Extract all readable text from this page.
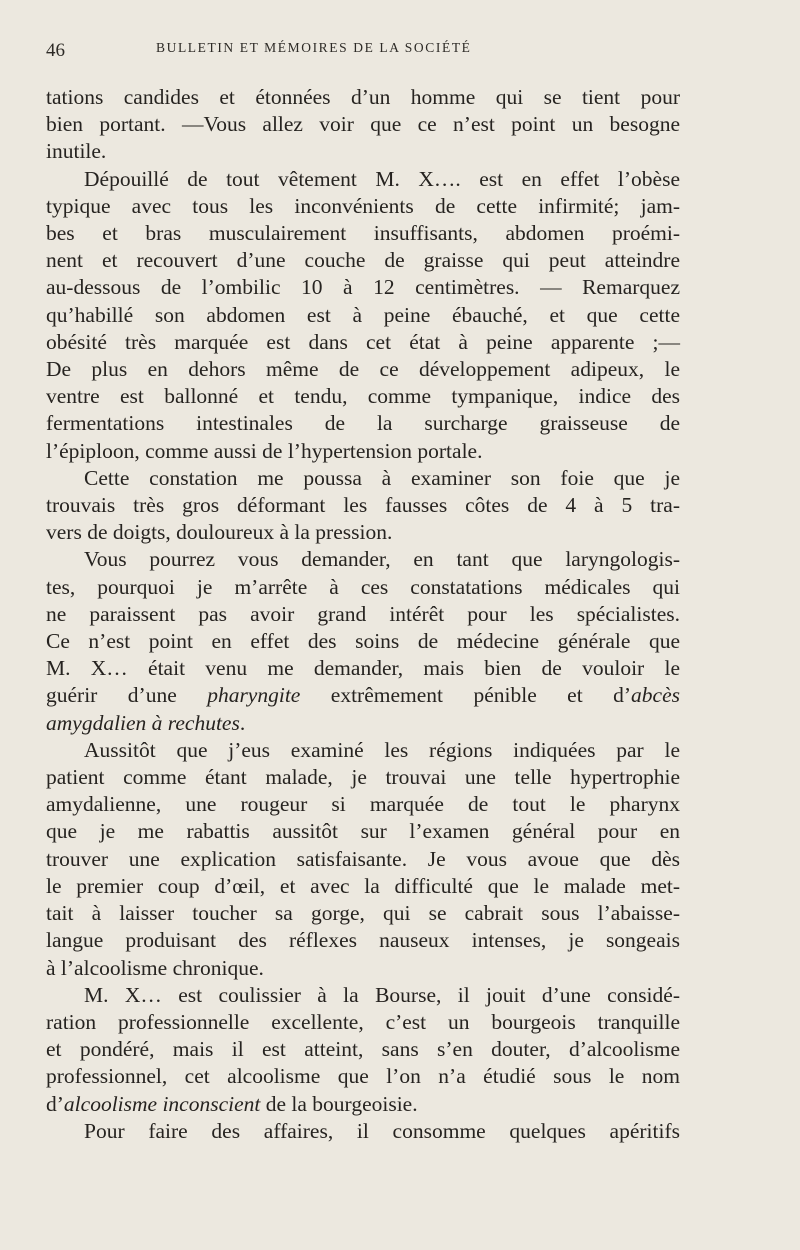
46	BULLETIN ET MÉMOIRES DE LA SOCIÉTÉ

tations candides et étonnées d’un homme qui se tient pour

bien portant. —Vous allez voir que ce n’est point un besogne

inutile.

Dépouillé de tout vêtement M. X…. est en effet l’obèse

typique avec tous les inconvénients de cette infirmité; jam-

bes et bras musculairement insuffisants, abdomen proémi-

nent et recouvert d’une couche de graisse qui peut atteindre

au-dessous de l’ombilic 10 à 12 centimètres. — Remarquez

qu’habillé son abdomen est à peine ébauché, et que cette

obésité très marquée est dans cet état à peine apparente ;—

De plus en dehors même de ce développement adipeux, le

ventre est ballonné et tendu, comme tympanique, indice des

fermentations intestinales de la surcharge graisseuse de

l’épiploon, comme aussi de l’hypertension portale.

Cette constation me poussa à examiner son foie que je

trouvais très gros déformant les fausses côtes de 4 à 5 tra-

vers de doigts, douloureux à la pression.

Vous pourrez vous demander, en tant que laryngologis-

tes, pourquoi je m’arrête à ces constatations médicales qui

ne paraissent pas avoir grand intérêt pour les spécialistes.

Ce n’est point en effet des soins de médecine générale que

M. X… était venu me demander, mais bien de vouloir le

guérir d’une pharyngite extrêmement pénible et d’abcès

amygdalien à rechutes.

Aussitôt que j’eus examiné les régions indiquées par le

patient comme étant malade, je trouvai une telle hypertrophie

amydalienne, une rougeur si marquée de tout le pharynx

que je me rabattis aussitôt sur l’examen général pour en

trouver une explication satisfaisante. Je vous avoue que dès

le premier coup d’œil, et avec la difficulté que le malade met-

tait à laisser toucher sa gorge, qui se cabrait sous l’abaisse-

langue produisant des réflexes nauseux intenses, je songeais

à l’alcoolisme chronique.

M. X… est coulissier à la Bourse, il jouit d’une considé-

ration professionnelle excellente, c’est un bourgeois tranquille

et pondéré, mais il est atteint, sans s’en douter, d’alcoolisme

professionnel, cet alcoolisme que l’on n’a étudié sous le nom

d’alcoolisme inconscient de la bourgeoisie.

Pour faire des affaires, il consomme quelques apéritifs
